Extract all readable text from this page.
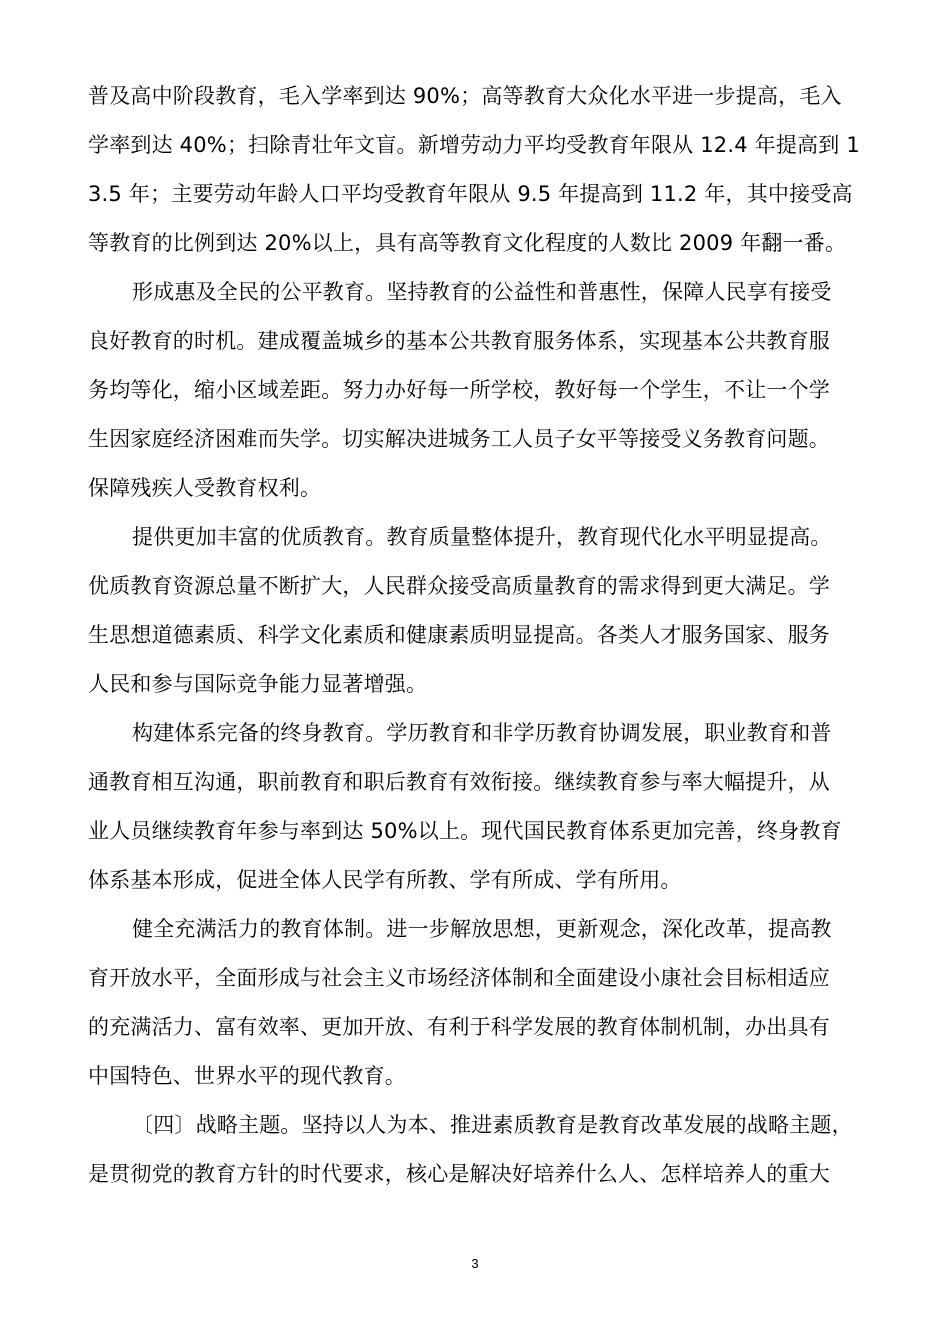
普及高中阶段教育，毛入学率到达 90%；高等教育大众化水平进一步提高，毛入
学率到达 40%；扫除青壮年文盲。新增劳动力平均受教育年限从 12.4 年提高到 1
3.5 年；主要劳动年龄人口平均受教育年限从 9.5 年提高到 11.2 年，其中接受高
等教育的比例到达 20%以上，具有高等教育文化程度的人数比 2009 年翻一番。
形成惠及全民的公平教育。坚持教育的公益性和普惠性，保障人民享有接受
良好教育的时机。建成覆盖城乡的基本公共教育服务体系，实现基本公共教育服
务均等化，缩小区域差距。努力办好每一所学校，教好每一个学生，不让一个学
生因家庭经济困难而失学。切实解决进城务工人员子女平等接受义务教育问题。
保障残疾人受教育权利。
提供更加丰富的优质教育。教育质量整体提升，教育现代化水平明显提高。
优质教育资源总量不断扩大，人民群众接受高质量教育的需求得到更大满足。学
生思想道德素质、科学文化素质和健康素质明显提高。各类人才服务国家、服务
人民和参与国际竞争能力显著增强。
构建体系完备的终身教育。学历教育和非学历教育协调发展，职业教育和普
通教育相互沟通，职前教育和职后教育有效衔接。继续教育参与率大幅提升，从
业人员继续教育年参与率到达 50%以上。现代国民教育体系更加完善，终身教育
体系基本形成，促进全体人民学有所教、学有所成、学有所用。
健全充满活力的教育体制。进一步解放思想，更新观念，深化改革，提高教
育开放水平，全面形成与社会主义市场经济体制和全面建设小康社会目标相适应
的充满活力、富有效率、更加开放、有利于科学发展的教育体制机制，办出具有
中国特色、世界水平的现代教育。
〔四〕战略主题。坚持以人为本、推进素质教育是教育改革发展的战略主题，
是贯彻党的教育方针的时代要求，核心是解决好培养什么人、怎样培养人的重大
3
